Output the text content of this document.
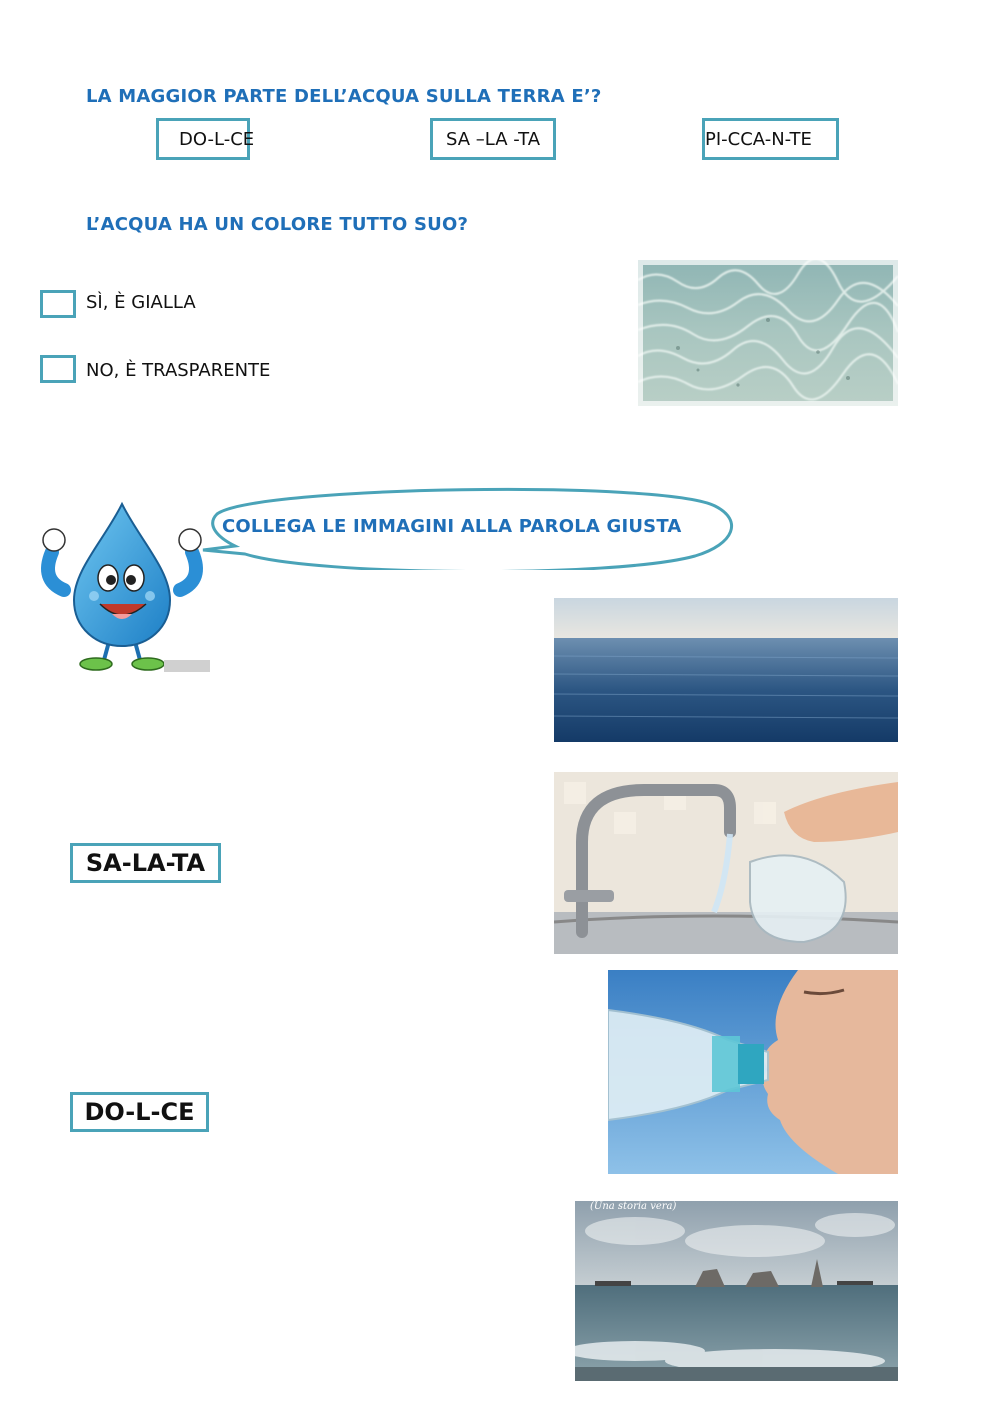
LA MAGGIOR PARTE DELL’ACQUA SULLA TERRA E’?
DO-L-CE	SA –LA -TA	PI-CCA-N-TE
L’ACQUA HA UN COLORE TUTTO SUO?
SÌ, È GIALLA
NO, È TRASPARENTE
COLLEGA LE IMMAGINI ALLA PAROLA GIUSTA
(Una storia vera)
SA-LA-TA
DO-L-CE
